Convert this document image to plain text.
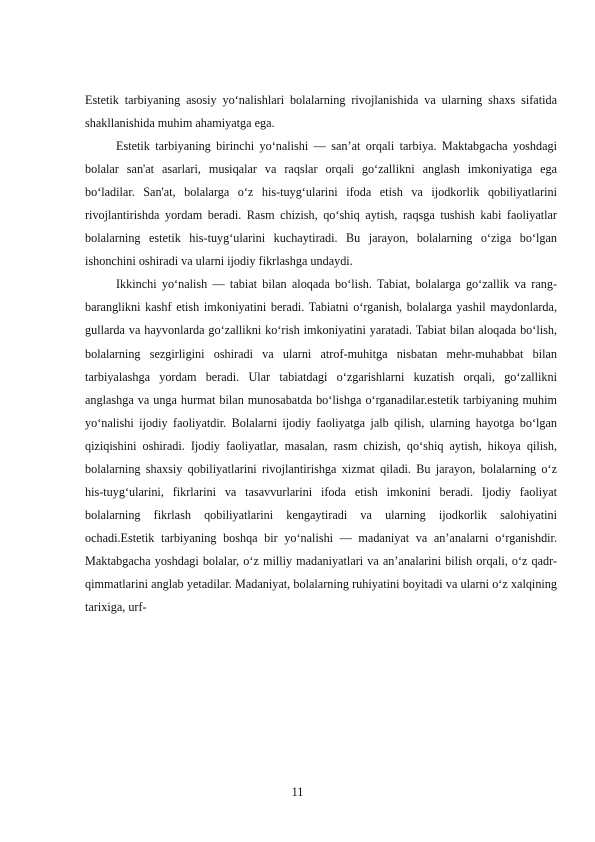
Estetik tarbiyaning asosiy yo‘nalishlari bolalarning rivojlanishida va ularning shaxs sifatida shakllanishida muhim ahamiyatga ega.

Estetik tarbiyaning birinchi yo‘nalishi — san’at orqali tarbiya. Maktabgacha yoshdagi bolalar san'at asarlari, musiqalar va raqslar orqali go‘zallikni anglash imkoniyatiga ega bo‘ladilar. San'at, bolalarga o‘z his-tuyg‘ularini ifoda etish va ijodkorlik qobiliyatlarini rivojlantirishda yordam beradi. Rasm chizish, qo‘shiq aytish, raqsga tushish kabi faoliyatlar bolalarning estetik his-tuyg‘ularini kuchaytiradi. Bu jarayon, bolalarning o‘ziga bo‘lgan ishonchini oshiradi va ularni ijodiy fikrlashga undaydi.

Ikkinchi yo‘nalish — tabiat bilan aloqada bo‘lish. Tabiat, bolalarga go‘zallik va rang-baranglikni kashf etish imkoniyatini beradi. Tabiatni o‘rganish, bolalarga yashil maydonlarda, gullarda va hayvonlarda go‘zallikni ko‘rish imkoniyatini yaratadi. Tabiat bilan aloqada bo‘lish, bolalarning sezgirligini oshiradi va ularni atrof-muhitga nisbatan mehr-muhabbat bilan tarbiyalashga yordam beradi. Ular tabiatdagi o‘zgarishlarni kuzatish orqali, go‘zallikni anglashga va unga hurmat bilan munosabatda bo‘lishga o‘rganadilar.estetik tarbiyaning muhim yo‘nalishi ijodiy faoliyatdir. Bolalarni ijodiy faoliyatga jalb qilish, ularning hayotga bo‘lgan qiziqishini oshiradi. Ijodiy faoliyatlar, masalan, rasm chizish, qo‘shiq aytish, hikoya qilish, bolalarning shaxsiy qobiliyatlarini rivojlantirishga xizmat qiladi. Bu jarayon, bolalarning o‘z his-tuyg‘ularini, fikrlarini va tasavvurlarini ifoda etish imkonini beradi. Ijodiy faoliyat bolalarning fikrlash qobiliyatlarini kengaytiradi va ularning ijodkorlik salohiyatini ochadi.Estetik tarbiyaning boshqa bir yo‘nalishi — madaniyat va an’analarni o‘rganishdir. Maktabgacha yoshdagi bolalar, o‘z milliy madaniyatlari va an’analarini bilish orqali, o‘z qadr-qimmatlarini anglab yetadilar. Madaniyat, bolalarning ruhiyatini boyitadi va ularni o‘z xalqining tarixiga, urf-

11
